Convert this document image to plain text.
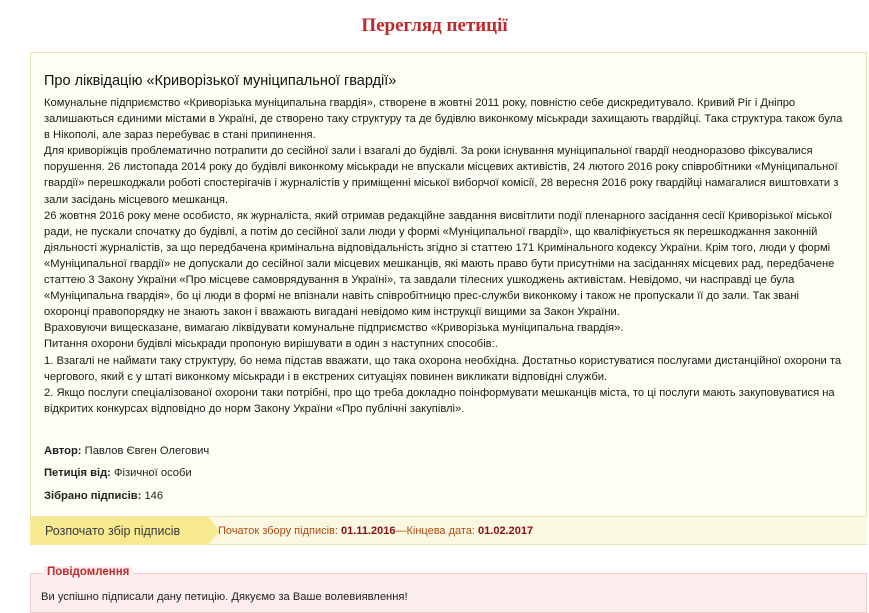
Перегляд петиції
Про ліквідацію «Криворізької муніципальної гвардії»

Комунальне підприємство «Криворізька муніципальна гвардія», створене в жовтні 2011 року, повністю себе дискредитувало. Кривий Ріг і Дніпро залишаються єдиними містами в Україні, де створено таку структуру та де будівлю виконкому міськради захищають гвардійці. Така структура також була в Нікополі, але зараз перебуває в стані припинення.

Для криворіжців проблематично потрапити до сесійної зали і взагалі до будівлі. За роки існування муніципальної гвардії неодноразово фіксувалися порушення. 26 листопада 2014 року до будівлі виконкому міськради не впускали місцевих активістів, 24 лютого 2016 року співробітники «Муніципальної гвардії» перешкоджали роботі спостерігачів і журналістів у приміщенні міської виборчої комісії, 28 вересня 2016 року гвардійці намагалися виштовхати з зали засідань місцевого мешканця.

26 жовтня 2016 року мене особисто, як журналіста, який отримав редакційне завдання висвітлити події пленарного засідання сесії Криворізької міської ради, не пускали спочатку до будівлі, а потім до сесійної зали люди у формі «Муніципальної гвардії», що кваліфікується як перешкоджання законній діяльності журналістів, за що передбачена кримінальна відповідальність згідно зі статтею 171 Кримінального кодексу України. Крім того, люди у формі «Муніципальної гвардії» не допускали до сесійної зали місцевих мешканців, які мають право бути присутніми на засіданнях місцевих рад, передбачене статтею 3 Закону України «Про місцеве самоврядування в Україні», та завдали тілесних ушкоджень активістам. Невідомо, чи насправді це була «Муніципальна гвардія», бо ці люди в формі не впізнали навіть співробітницю прес-служби виконкому і також не пропускали її до зали. Так звані охоронці правопорядку не знають закон і вважають вигадані невідомо ким інструкції вищими за Закон України.

Враховуючи вищесказане, вимагаю ліквідувати комунальне підприємство «Криворізька муніципальна гвардія».

Питання охорони будівлі міськради пропоную вирішувати в один з наступних способів:.

1. Взагалі не наймати таку структуру, бо нема підстав вважати, що така охорона необхідна. Достатньо користуватися послугами дистанційної охорони та чергового, який є у штаті виконкому міськради і в екстрених ситуаціях повинен викликати відповідні служби.

2. Якщо послуги спеціалізованої охорони таки потрібні, про що треба докладно поінформувати мешканців міста, то ці послуги мають закуповуватися на відкритих конкурсах відповідно до норм Закону України «Про публічні закупівлі».

Автор: Павлов Євген Олегович
Петиція від: Фізичної особи
Зібрано підписів: 146
Розпочато збір підписів	Початок збору підписів: 01.11.2016—Кінцева дата: 01.02.2017
Повідомлення
Ви успішно підписали дану петицію. Дякуємо за Ваше волевиявлення!
